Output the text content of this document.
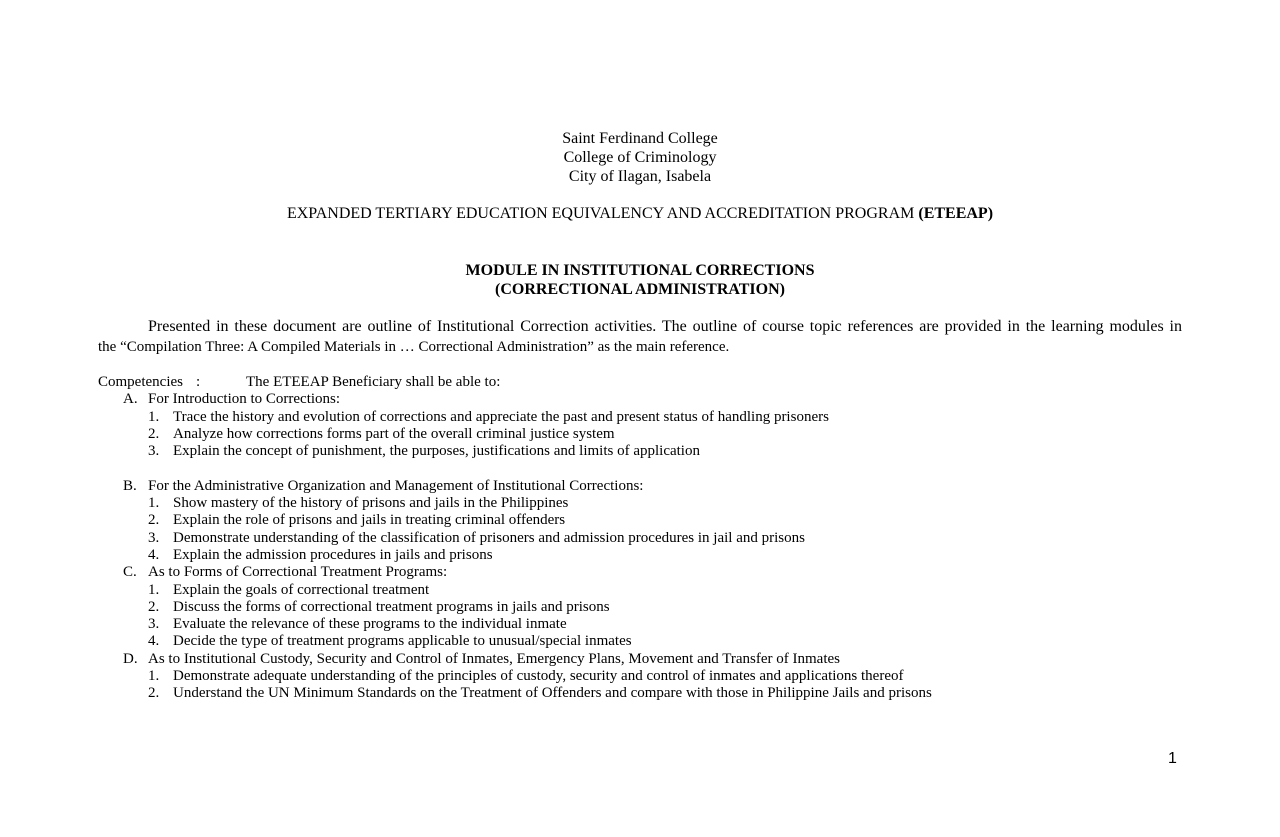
Saint Ferdinand College
College of Criminology
City of Ilagan, Isabela
EXPANDED TERTIARY EDUCATION EQUIVALENCY AND ACCREDITATION PROGRAM (ETEEAP)
MODULE IN INSTITUTIONAL CORRECTIONS
(CORRECTIONAL ADMINISTRATION)
Presented in these document are outline of Institutional Correction activities. The outline of course topic references are provided in the learning modules in
the “Compilation Three: A Compiled Materials in … Correctional Administration” as the main reference.
Competencies :	The ETEEAP Beneficiary shall be able to:
A. For Introduction to Corrections:
1. Trace the history and evolution of corrections and appreciate the past and present status of handling prisoners
2. Analyze how corrections forms part of the overall criminal justice system
3. Explain the concept of punishment, the purposes, justifications and limits of application
B. For the Administrative Organization and Management of Institutional Corrections:
1. Show mastery of the history of prisons and jails in the Philippines
2. Explain the role of prisons and jails in treating criminal offenders
3. Demonstrate understanding of the classification of prisoners and admission procedures in jail and prisons
4. Explain the admission procedures in jails and prisons
C. As to Forms of Correctional Treatment Programs:
1. Explain the goals of correctional treatment
2. Discuss the forms of correctional treatment programs in jails and prisons
3. Evaluate the relevance of these programs to the individual inmate
4. Decide the type of treatment programs applicable to unusual/special inmates
D. As to Institutional Custody, Security and Control of Inmates, Emergency Plans, Movement and Transfer of Inmates
1. Demonstrate adequate understanding of the principles of custody, security and control of inmates and applications thereof
2. Understand the UN Minimum Standards on the Treatment of Offenders and compare with those in Philippine Jails and prisons
1
